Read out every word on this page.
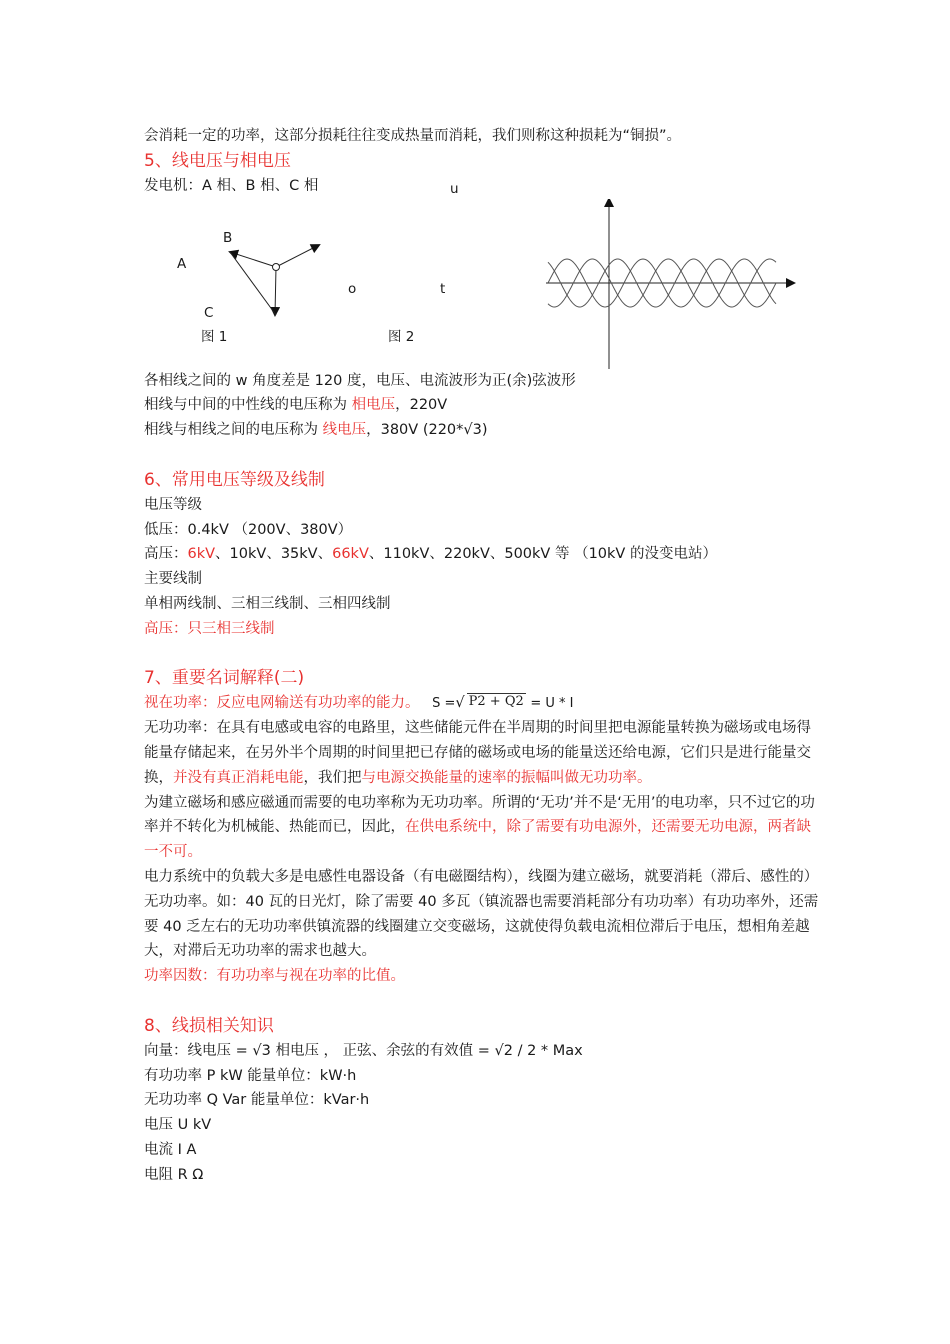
会消耗一定的功率，这部分损耗往往变成热量而消耗，我们则称这种损耗为“铜损”。
5、线电压与相电压
发电机：A 相、B 相、C 相	u
B
A
o	t
C
图 1	图 2
各相线之间的 w 角度差是 120 度，电压、电流波形为正(余)弦波形
相线与中间的中性线的电压称为 相电压，220V
相线与相线之间的电压称为 线电压，380V (220*√3)
6、常用电压等级及线制
电压等级
低压：0.4kV （200V、380V）
高压：6kV、10kV、35kV、66kV、110kV、220kV、500kV 等 （10kV 的没变电站）
主要线制
单相两线制、三相三线制、三相四线制
高压：只三相三线制
7、重要名词解释(二)
视在功率：反应电网输送有功功率的能力。 S =√ P2 + Q2 = U * I
无功功率：在具有电感或电容的电路里，这些储能元件在半周期的时间里把电源能量转换为磁场或电场得能量存储起来，在另外半个周期的时间里把已存储的磁场或电场的能量送还给电源，它们只是进行能量交换，并没有真正消耗电能，我们把与电源交换能量的速率的振幅叫做无功功率。
为建立磁场和感应磁通而需要的电功率称为无功功率。所谓的‘无功’并不是‘无用’的电功率，只不过它的功率并不转化为机械能、热能而已，因此，在供电系统中，除了需要有功电源外，还需要无功电源，两者缺一不可。
电力系统中的负载大多是电感性电器设备（有电磁圈结构），线圈为建立磁场，就要消耗（滞后、感性的）无功功率。如：40 瓦的日光灯，除了需要 40 多瓦（镇流器也需要消耗部分有功功率）有功功率外，还需要 40 乏左右的无功功率供镇流器的线圈建立交变磁场，这就使得负载电流相位滞后于电压，想相角差越大，对滞后无功功率的需求也越大。
功率因数：有功功率与视在功率的比值。
8、线损相关知识
向量：线电压 = √3 相电压 ， 正弦、余弦的有效值 = √2 / 2 * Max
有功功率 P kW 能量单位：kW·h
无功功率 Q Var 能量单位：kVar·h
电压 U kV
电流 I A
电阻 R Ω
